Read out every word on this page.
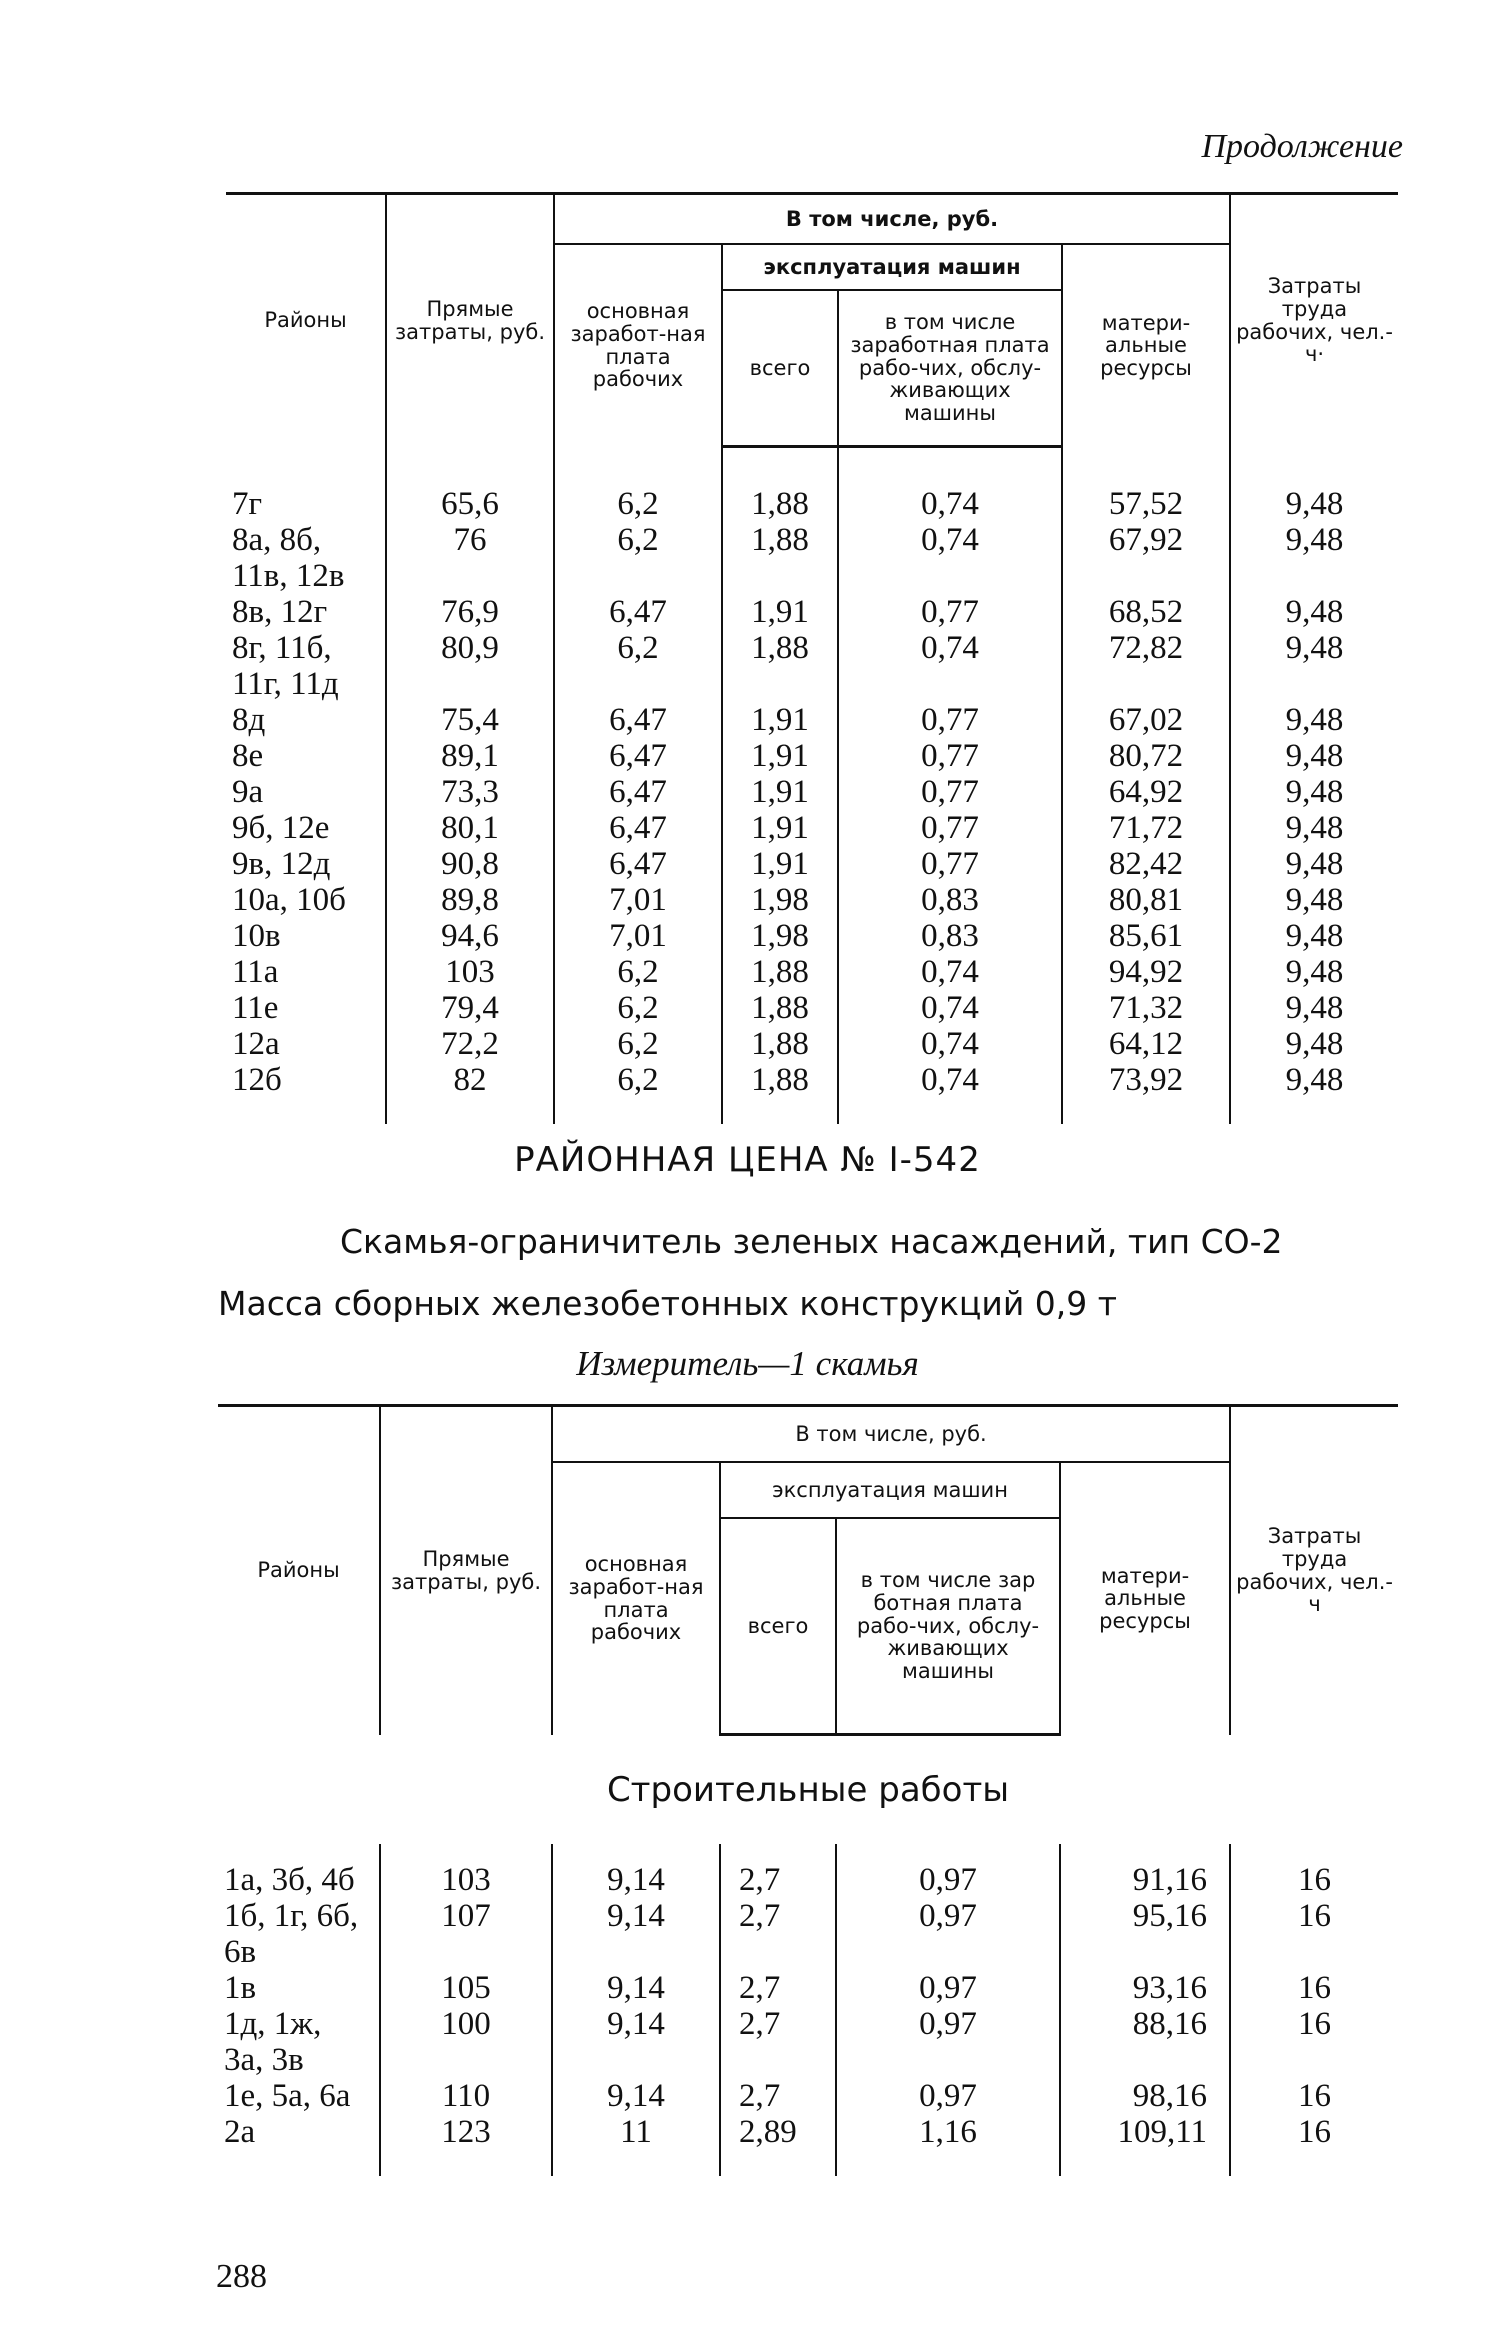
Продолжение
Районы	Прямые затраты, руб.	В том числе, руб.				Затраты труда рабочих, чел.-ч·
		основная заработ-ная плата рабочих	эксплуатация машин		матери-альные ресурсы	
			всего	в том числе заработная плата рабо-чих, обслу-живающих машины		

7г	65,6	6,2	1,88	0,74	57,52	9,48
8а, 8б,
11в, 12в	76	6,2	1,88	0,74	67,92	9,48
8в, 12г	76,9	6,47	1,91	0,77	68,52	9,48
8г, 11б,
11г, 11д	80,9	6,2	1,88	0,74	72,82	9,48
8д	75,4	6,47	1,91	0,77	67,02	9,48
8е	89,1	6,47	1,91	0,77	80,72	9,48
9а	73,3	6,47	1,91	0,77	64,92	9,48
9б, 12е	80,1	6,47	1,91	0,77	71,72	9,48
9в, 12д	90,8	6,47	1,91	0,77	82,42	9,48
10а, 10б	89,8	7,01	1,98	0,83	80,81	9,48
10в	94,6	7,01	1,98	0,83	85,61	9,48
11а	103	6,2	1,88	0,74	94,92	9,48
11е	79,4	6,2	1,88	0,74	71,32	9,48
12а	72,2	6,2	1,88	0,74	64,12	9,48
12б	82	6,2	1,88	0,74	73,92	9,48

РАЙОННАЯ ЦЕНА № І-542
Скамья-ограничитель зеленых насаждений, тип СО-2
Масса сборных железобетонных конструкций 0,9 т
Измеритель—1 скамья
Районы	Прямые затраты, руб.	В том числе, руб.				Затраты труда рабочих, чел.-ч
		основная заработ-ная плата рабочих	эксплуатация машин		матери-альные ресурсы	
			всего	в том числе зар ботная плата рабо-чих, обслу-живающих машины		
Строительные работы						

1а, 3б, 4б	103	9,14	2,7	0,97	91,16	16
1б, 1г, 6б,
6в	107	9,14	2,7	0,97	95,16	16
1в	105	9,14	2,7	0,97	93,16	16
1д, 1ж,
3а, 3в	100	9,14	2,7	0,97	88,16	16
1е, 5а, 6а	110	9,14	2,7	0,97	98,16	16
2а	123	11	2,89	1,16	109,11	16

288
